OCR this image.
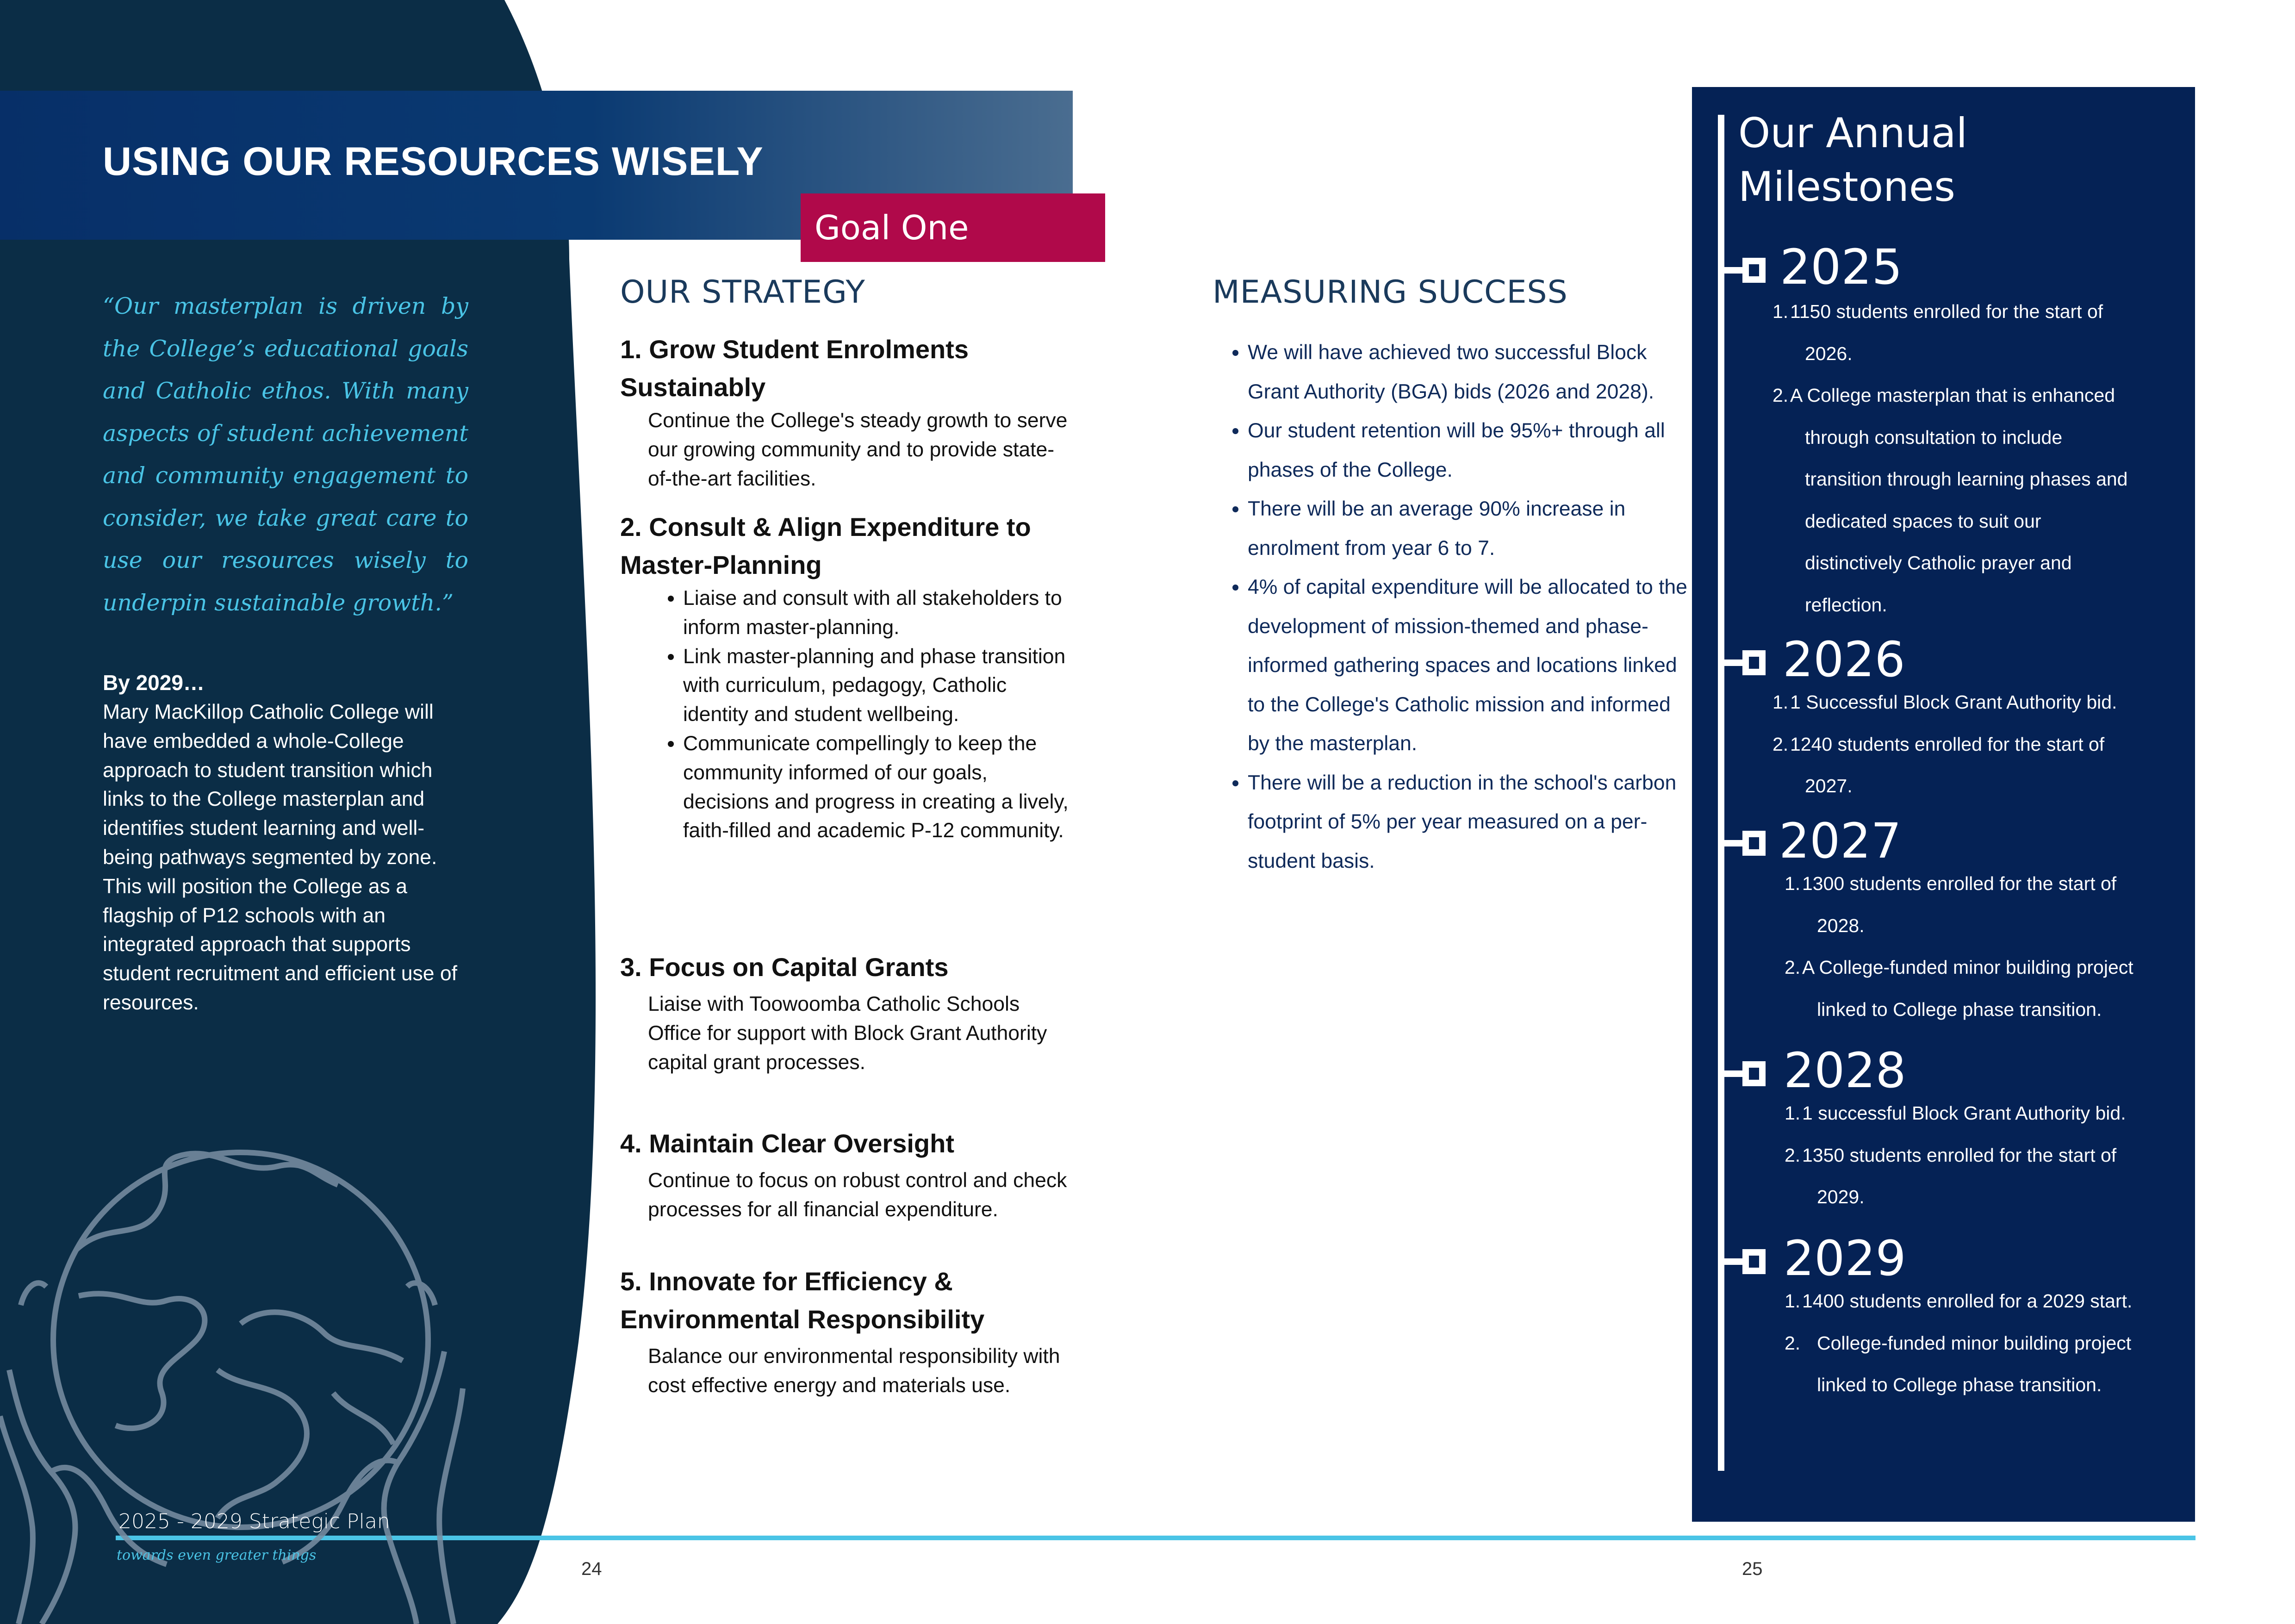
USING OUR RESOURCES WISELY
Goal One
“Our masterplan is driven by the College’s educational goals and Catholic ethos. With many aspects of student achievement and community engagement to consider, we take great care to use our resources wisely to underpin sustainable growth.”
By 2029…
Mary MacKillop Catholic College will have embedded a whole-College approach to student transition which links to the College masterplan and identifies student learning and well-being pathways segmented by zone. This will position the College as a flagship of P12 schools with an integrated approach that supports student recruitment and efficient use of resources.
2025 - 2029 Strategic Plan
towards even greater things
24	25
OUR STRATEGY
1. Grow Student Enrolments Sustainably
Continue the College's steady growth to serve our growing community and to provide state-of-the-art facilities.
2. Consult & Align Expenditure to Master-Planning
• Liaise and consult with all stakeholders to inform master-planning.
• Link master-planning and phase transition with curriculum, pedagogy, Catholic identity and student wellbeing.
• Communicate compellingly to keep the community informed of our goals, decisions and progress in creating a lively, faith-filled and academic P-12 community.
3. Focus on Capital Grants
Liaise with Toowoomba Catholic Schools Office for support with Block Grant Authority capital grant processes.
4. Maintain Clear Oversight
Continue to focus on robust control and check processes for all financial expenditure.
5. Innovate for Efficiency & Environmental Responsibility
Balance our environmental responsibility with cost effective energy and materials use.
MEASURING SUCCESS
• We will have achieved two successful Block Grant Authority (BGA) bids (2026 and 2028).
• Our student retention will be 95%+ through all phases of the College.
• There will be an average 90% increase in enrolment from year 6 to 7.
• 4% of capital expenditure will be allocated to the development of mission-themed and phase-informed gathering spaces and locations linked to the College's Catholic mission and informed by the masterplan.
• There will be a reduction in the school's carbon footprint of 5% per year measured on a per-student basis.
Our Annual
Milestones
2025
1. 1150 students enrolled for the start of
2026.
2. A College masterplan that is enhanced
through consultation to include
transition through learning phases and
dedicated spaces to suit our
distinctively Catholic prayer and
reflection.
2026
1. 1 Successful Block Grant Authority bid.
2. 1240 students enrolled for the start of
2027.
2027
1. 1300 students enrolled for the start of
2028.
2. A College-funded minor building project
linked to College phase transition.
2028
1. 1 successful Block Grant Authority bid.
2. 1350 students enrolled for the start of
2029.
2029
1. 1400 students enrolled for a 2029 start.
2. College-funded minor building project
linked to College phase transition.
